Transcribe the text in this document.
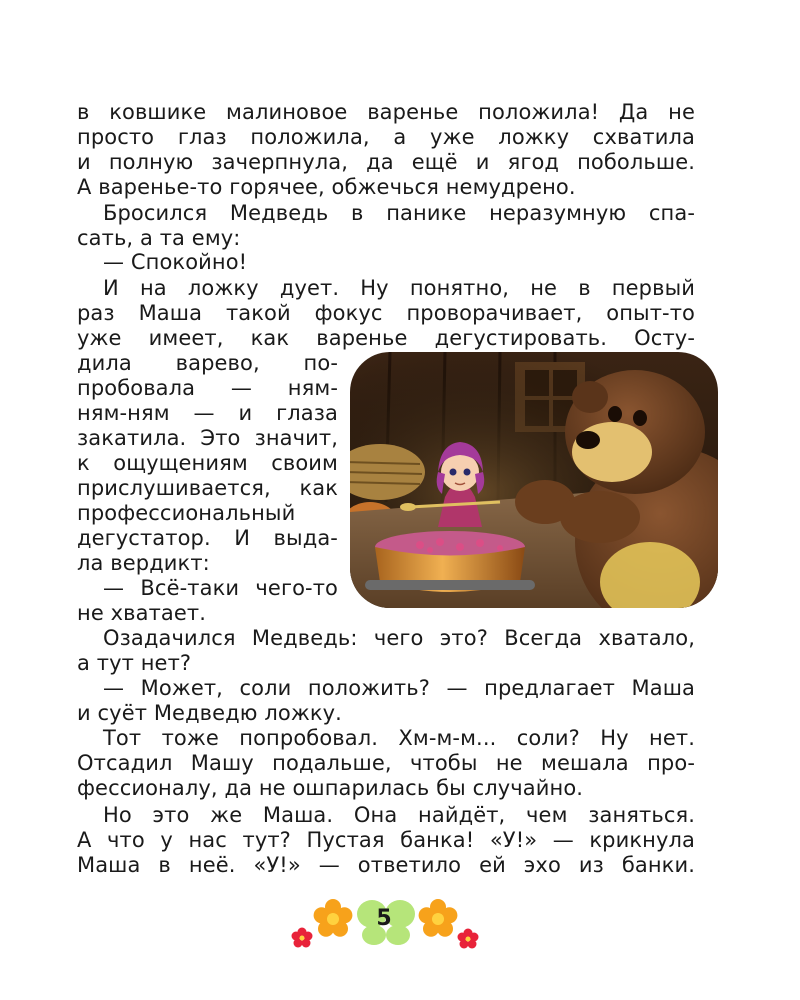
в ковшике малиновое варенье положила! Да не

просто глаз положила, а уже ложку схватила

и полную зачерпнула, да ещё и ягод побольше.

А варенье-то горячее, обжечься немудрено.

Бросился Медведь в панике неразумную спа-

сать, а та ему:

— Спокойно!

И на ложку дует. Ну понятно, не в первый

раз Маша такой фокус проворачивает, опыт-то

уже имеет, как варенье дегустировать. Осту-

дила варево, по-

пробовала — ням-

ням-ням — и глаза

закатила. Это значит,

к ощущениям своим

прислушивается, как

профессиональный

дегустатор. И выда-

ла вердикт:

— Всё-таки чего-то

не хватает.

Озадачился Медведь: чего это? Всегда хватало,

а тут нет?

— Может, соли положить? — предлагает Маша

и суёт Медведю ложку.

Тот тоже попробовал. Хм-м-м... соли? Ну нет.

Отсадил Машу подальше, чтобы не мешала про-

фессионалу, да не ошпарилась бы случайно.

Но это же Маша. Она найдёт, чем заняться.

А что у нас тут? Пустая банка! «У!» — крикнула

Маша в неё. «У!» — ответило ей эхо из банки.

5
